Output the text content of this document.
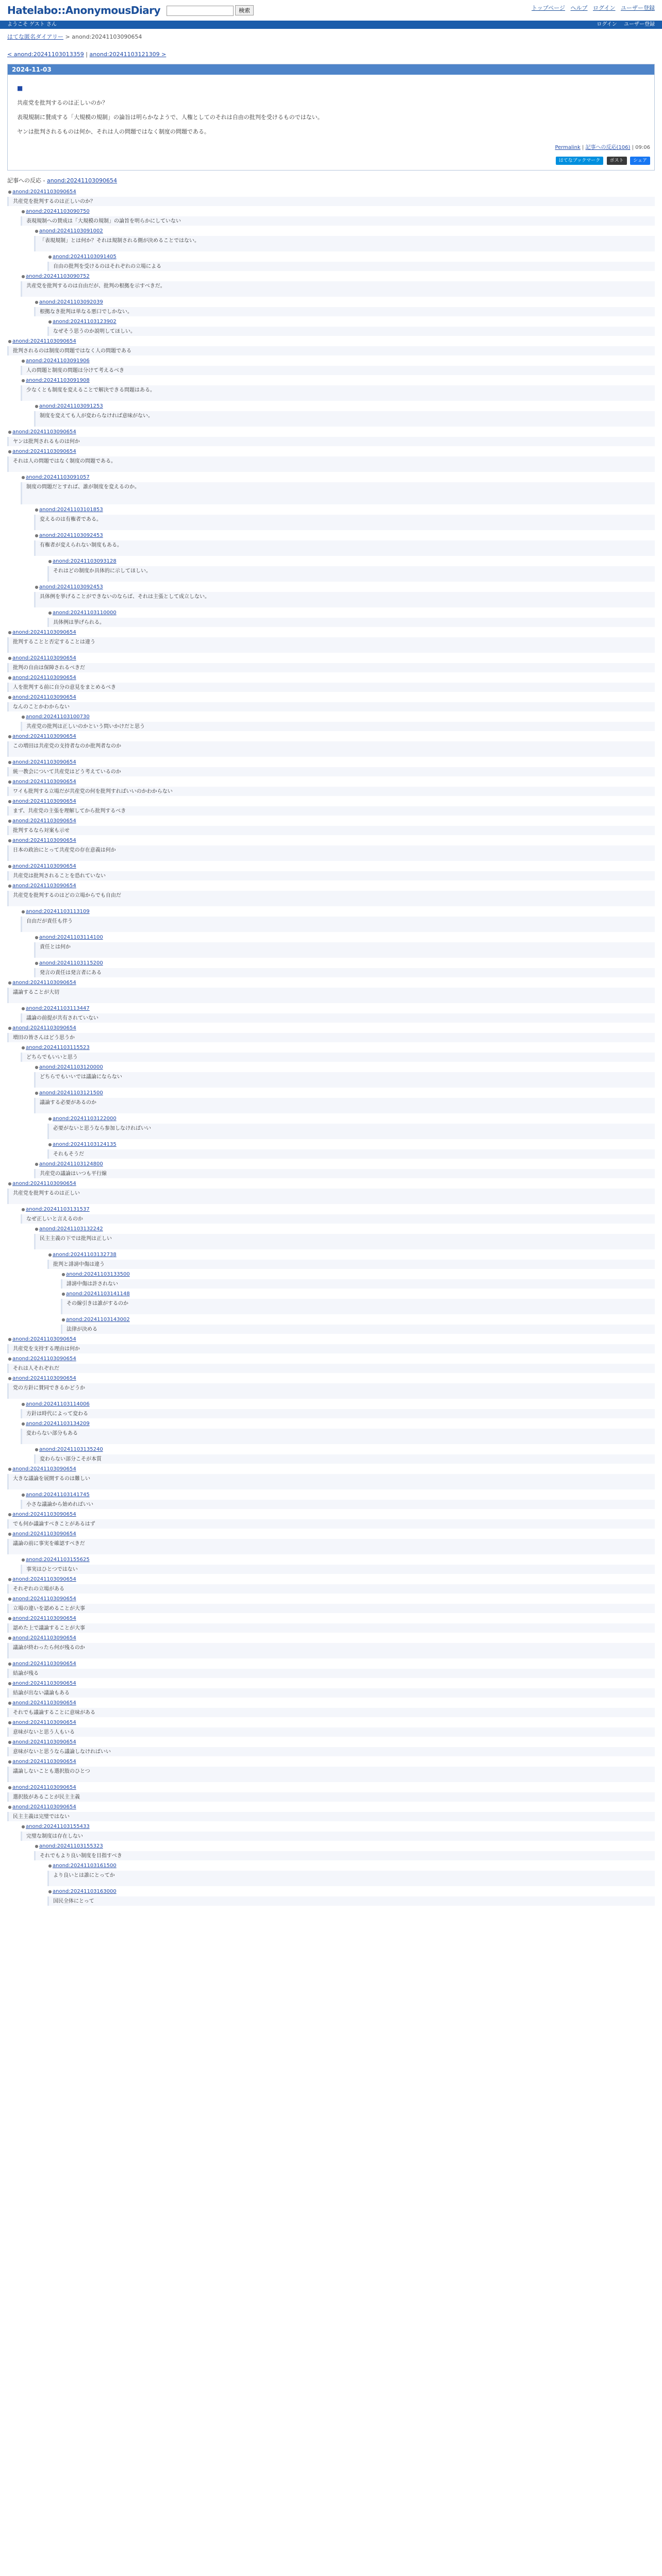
Hatelabo::AnonymousDiary	検索	トップページ ヘルプ ログイン ユーザー登録
ようこそ ゲスト さん	ログイン ユーザー登録
はてな匿名ダイアリー > anond:20241103090654
< anond:20241103013359 | anond:20241103121309 >
2024-11-03
■

共産党を批判するのは正しいのか？

表現規制に賛成する「大規模の規制」の論旨は明らかなようで、人権としてのそれは自由の批判を受けるものではない。

ヤンは批判されるものは何か、それは人の問題ではなく制度の問題である。

Permalink | 記事への反応(106) | 09:06
はてなブックマーク ポスト シェア
記事への反応 - anond:20241103090654
● anond:20241103090654
共産党を批判するのは正しいのか？
● anond:20241103090750
表現規制への賛成は「大規模の規制」の論旨を明らかにしていない
● anond:20241103091002
「表現規制」とは何か？それは規制される側が決めることではない。
● anond:20241103091405
自由の批判を受けるのはそれぞれの立場による
● anond:20241103090752
共産党を批判するのは自由だが、批判の根拠を示すべきだ。
● anond:20241103092039
根拠なき批判は単なる悪口でしかない。
● anond:20241103123902
なぜそう思うのか説明してほしい。
● anond:20241103090654
批判されるのは制度の問題ではなく人の問題である
● anond:20241103091906
人の問題と制度の問題は分けて考えるべき
● anond:20241103091908
少なくとも制度を変えることで解決できる問題はある。
● anond:20241103091253
制度を変えても人が変わらなければ意味がない。
● anond:20241103090654
ヤンは批判されるものは何か
● anond:20241103090654
それは人の問題ではなく制度の問題である。
● anond:20241103091057
制度の問題だとすれば、誰が制度を変えるのか。
● anond:20241103101853
変えるのは有権者である。
● anond:20241103092453
有権者が変えられない制度もある。
● anond:20241103093128
それはどの制度か具体的に示してほしい。
● anond:20241103092453
具体例を挙げることができないのならば、それは主張として成立しない。
● anond:20241103110000
具体例は挙げられる。
● anond:20241103090654
批判することと否定することは違う
● anond:20241103090654
批判の自由は保障されるべきだ
● anond:20241103090654
人を批判する前に自分の意見をまとめるべき
● anond:20241103090654
なんのことかわからない
● anond:20241103100730
共産党の批判は正しいのかという問いかけだと思う
● anond:20241103090654
この増田は共産党の支持者なのか批判者なのか
● anond:20241103090654
統一教会について共産党はどう考えているのか
● anond:20241103090654
ワイも批判する立場だが共産党の何を批判すればいいのかわからない
● anond:20241103090654
まず、共産党の主張を理解してから批判するべき
● anond:20241103090654
批判するなら対案も示せ
● anond:20241103090654
日本の政治にとって共産党の存在意義は何か
● anond:20241103090654
共産党は批判されることを恐れていない
● anond:20241103090654
共産党を批判するのはどの立場からでも自由だ
● anond:20241103113109
自由だが責任も伴う
● anond:20241103114100
責任とは何か
● anond:20241103115200
発言の責任は発言者にある
● anond:20241103090654
議論することが大切
● anond:20241103113447
議論の前提が共有されていない
● anond:20241103090654
増田の皆さんはどう思うか
● anond:20241103115523
どちらでもいいと思う
● anond:20241103120000
どちらでもいいでは議論にならない
● anond:20241103121500
議論する必要があるのか
● anond:20241103122000
必要がないと思うなら参加しなければいい
● anond:20241103124135
それもそうだ
● anond:20241103124800
共産党の議論はいつも平行線
● anond:20241103090654
共産党を批判するのは正しい
● anond:20241103131537
なぜ正しいと言えるのか
● anond:20241103132242
民主主義の下では批判は正しい
● anond:20241103132738
批判と誹謗中傷は違う
● anond:20241103133500
誹謗中傷は許されない
● anond:20241103141148
その線引きは誰がするのか
● anond:20241103143002
法律が決める
● anond:20241103090654
共産党を支持する理由は何か
● anond:20241103090654
それは人それぞれだ
● anond:20241103090654
党の方針に賛同できるかどうか
● anond:20241103114006
方針は時代によって変わる
● anond:20241103134209
変わらない部分もある
● anond:20241103135240
変わらない部分こそが本質
● anond:20241103090654
大きな議論を展開するのは難しい
● anond:20241103141745
小さな議論から始めればいい
● anond:20241103090654
でも何か議論すべきことがあるはず
● anond:20241103090654
議論の前に事実を確認すべきだ
● anond:20241103155625
事実はひとつではない
● anond:20241103090654
それぞれの立場がある
● anond:20241103090654
立場の違いを認めることが大事
● anond:20241103090654
認めた上で議論することが大事
● anond:20241103090654
議論が終わったら何が残るのか
● anond:20241103090654
結論が残る
● anond:20241103090654
結論が出ない議論もある
● anond:20241103090654
それでも議論することに意味がある
● anond:20241103090654
意味がないと思う人もいる
● anond:20241103090654
意味がないと思うなら議論しなければいい
● anond:20241103090654
議論しないことも選択肢のひとつ
● anond:20241103090654
選択肢があることが民主主義
● anond:20241103090654
民主主義は完璧ではない
● anond:20241103155433
完璧な制度は存在しない
● anond:20241103155323
それでもより良い制度を目指すべき
● anond:20241103161500
より良いとは誰にとってか
● anond:20241103163000
国民全体にとって
